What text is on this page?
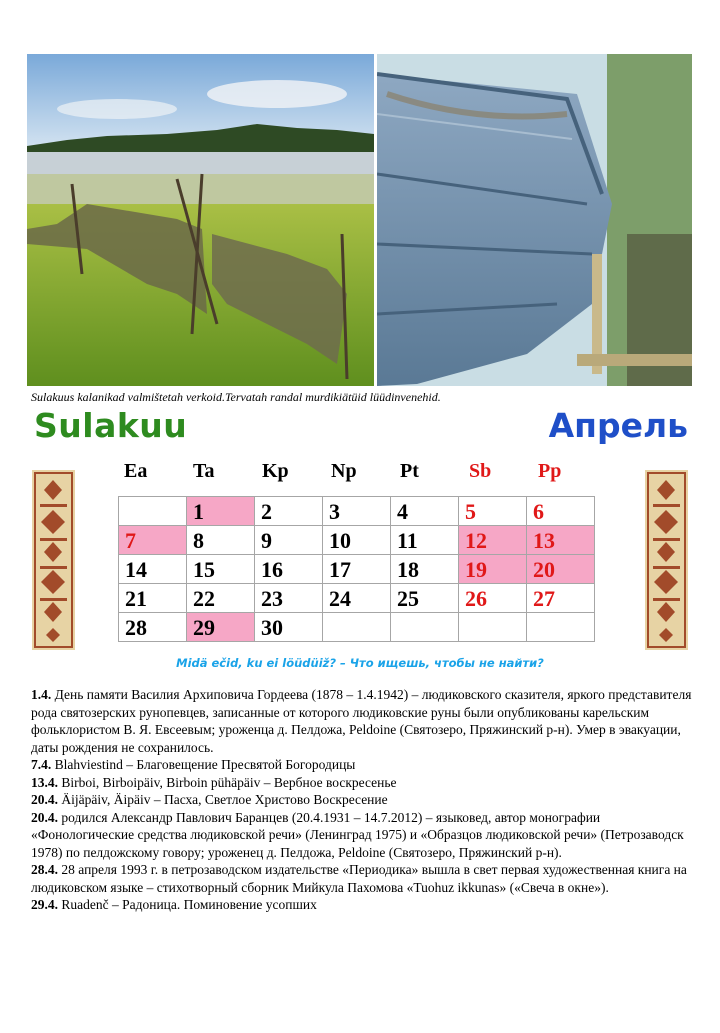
Sulakuus kalanikad valmištetah verkoid.Tervatah randal murdikiätüid lüüdinvenehid.
Sulakuu	Апрель
Ea	Ta	Kp	Np	Pt	Sb	Pp
	1	2	3	4	5	6
7	8	9	10	11	12	13
14	15	16	17	18	19	20
21	22	23	24	25	26	27
28	29	30				
Midä ečid, ku ei löüdüiž? – Что ищешь, чтобы не найти?

1.4. День памяти Василия Архиповича Гордеева (1878 – 1.4.1942) – людиковского сказителя, яркого представителя рода святозерских рунопевцев, записанные от которого людиковские руны были опубликованы карельским фольклористом В. Я. Евсеевым; уроженца д. Пелдожа, Peldoine (Святозеро, Пряжинский р-н). Умер в эвакуации, даты рождения не сохранилось.

7.4. Blahviestind – Благовещение Пресвятой Богородицы

13.4. Birboi, Birboipäiv, Birboin pühäpäiv – Вербное воскресенье

20.4. Äijäpäiv, Äipäiv – Пасха, Светлое Христово Воскресение

20.4. родился Александр Павлович Баранцев (20.4.1931 – 14.7.2012) – языковед, автор монографии «Фонологические средства людиковской речи» (Ленинград 1975) и «Образцов людиковской речи» (Петрозаводск 1978) по пелдожскому говору; уроженец д. Пелдожа, Peldoine (Святозеро, Пряжинский р-н).

28.4. 28 апреля 1993 г. в петрозаводском издательстве «Периодика» вышла в свет первая художественная книга на людиковском языке – стихотворный сборник Мийкула Пахомова «Tuohuz ikkunas» («Свеча в окне»).

29.4. Ruadenč – Радоница. Поминовение усопших
